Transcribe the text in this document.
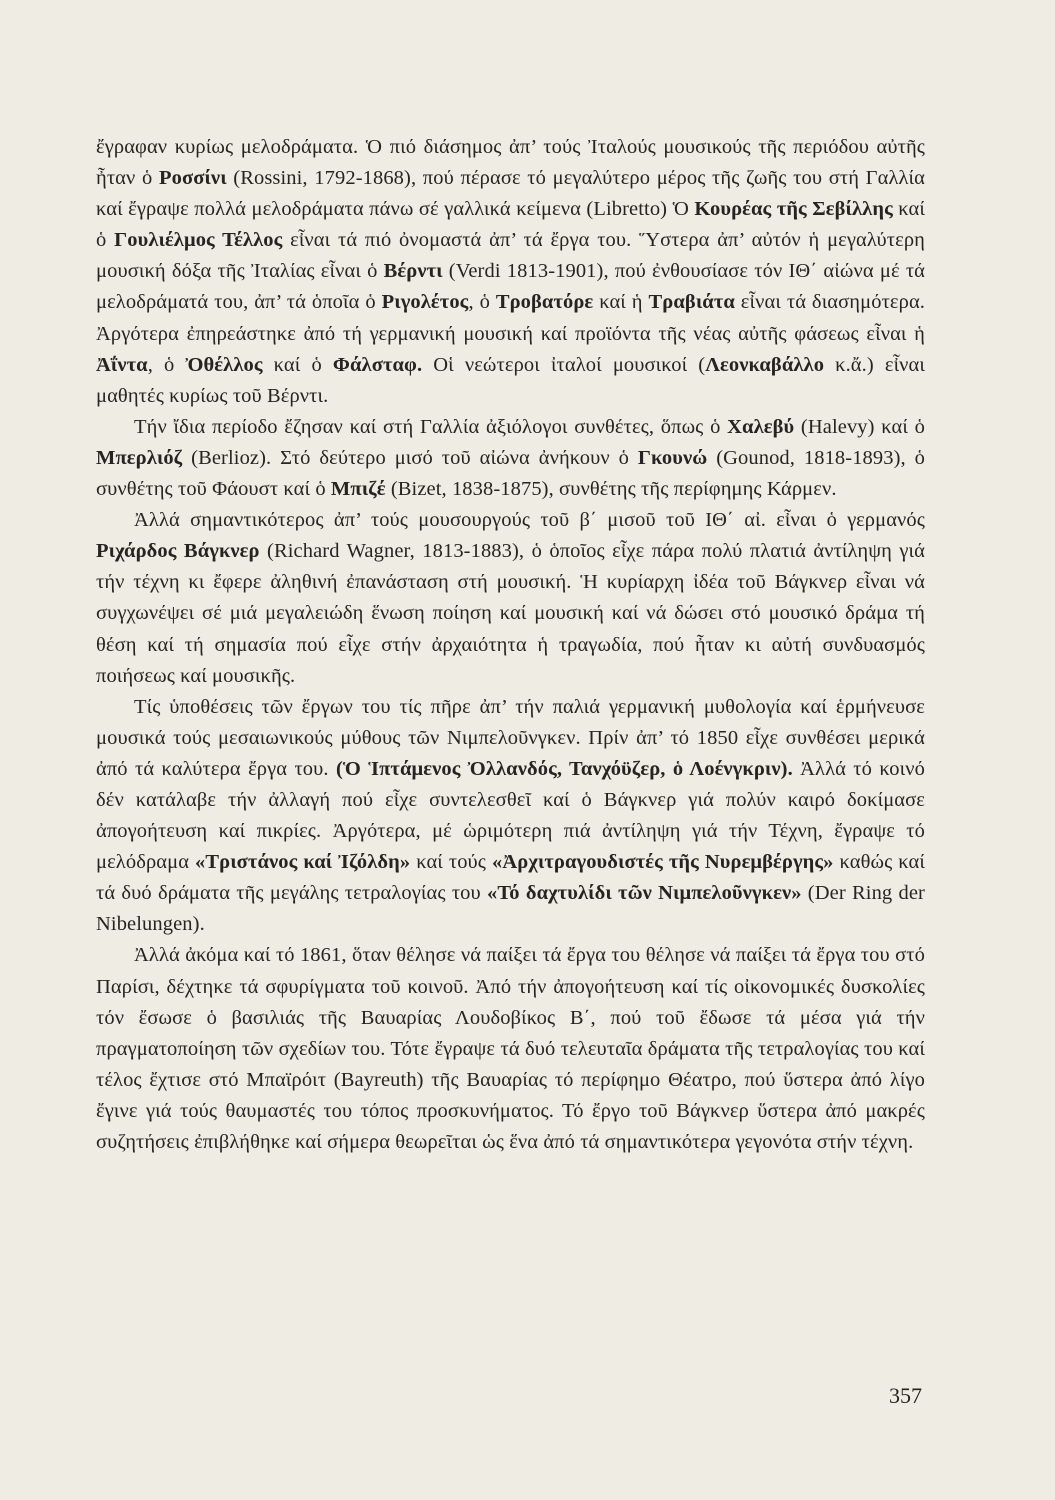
ἔγραφαν κυρίως μελοδράματα. Ὁ πιό διάσημος ἀπ’ τούς Ἰταλούς μουσικούς τῆς περιόδου αὐτῆς ἦταν ὁ Ροσσίνι (Rossini, 1792-1868), πού πέρασε τό μεγαλύτερο μέρος τῆς ζωῆς του στή Γαλλία καί ἔγραψε πολλά μελοδράματα πάνω σέ γαλλικά κείμενα (Libretto) Ὁ Κουρέας τῆς Σεβίλλης καί ὁ Γουλιέλμος Τέλλος εἶναι τά πιό ὀνομαστά ἀπ’ τά ἔργα του. Ὕστερα ἀπ’ αὐτόν ἡ μεγαλύτερη μουσική δόξα τῆς Ἰταλίας εἶναι ὁ Βέρντι (Verdi 1813-1901), πού ἐνθουσίασε τόν ΙΘ΄ αἰώνα μέ τά μελοδράματά του, ἀπ’ τά ὁποῖα ὁ Ριγολέτος, ὁ Τροβατόρε καί ἡ Τραβιάτα εἶναι τά διασημότερα. Ἀργότερα ἐπηρεάστηκε ἀπό τή γερμανική μουσική καί προϊόντα τῆς νέας αὐτῆς φάσεως εἶναι ἡ Ἀΐντα, ὁ Ὀθέλλος καί ὁ Φάλσταφ. Οἱ νεώτεροι ἰταλοί μουσικοί (Λεονκαβάλλο κ.ἄ.) εἶναι μαθητές κυρίως τοῦ Βέρντι.

Τήν ἴδια περίοδο ἔζησαν καί στή Γαλλία ἀξιόλογοι συνθέτες, ὅπως ὁ Χαλεβύ (Halevy) καί ὁ Μπερλιόζ (Berlioz). Στό δεύτερο μισό τοῦ αἰώνα ἀνήκουν ὁ Γκουνώ (Gounod, 1818-1893), ὁ συνθέτης τοῦ Φάουστ καί ὁ Μπιζέ (Bizet, 1838-1875), συνθέτης τῆς περίφημης Κάρμεν.

Ἀλλά σημαντικότερος ἀπ’ τούς μουσουργούς τοῦ β΄ μισοῦ τοῦ ΙΘ΄ αἰ. εἶναι ὁ γερμανός Ριχάρδος Βάγκνερ (Richard Wagner, 1813-1883), ὁ ὁποῖος εἶχε πάρα πολύ πλατιά ἀντίληψη γιά τήν τέχνη κι ἔφερε ἀληθινή ἐπανάσταση στή μουσική. Ἡ κυρίαρχη ἰδέα τοῦ Βάγκνερ εἶναι νά συγχωνέψει σέ μιά μεγαλειώδη ἕνωση ποίηση καί μουσική καί νά δώσει στό μουσικό δράμα τή θέση καί τή σημασία πού εἶχε στήν ἀρχαιότητα ἡ τραγωδία, πού ἦταν κι αὐτή συνδυασμός ποιήσεως καί μουσικῆς.

Τίς ὑποθέσεις τῶν ἔργων του τίς πῆρε ἀπ’ τήν παλιά γερμανική μυθολογία καί ἑρμήνευσε μουσικά τούς μεσαιωνικούς μύθους τῶν Νιμπελοῦνγκεν. Πρίν ἀπ’ τό 1850 εἶχε συνθέσει μερικά ἀπό τά καλύτερα ἔργα του. (Ὁ Ἱπτάμενος Ὀλλανδός, Τανχόϋζερ, ὁ Λοένγκριν). Ἀλλά τό κοινό δέν κατάλαβε τήν ἀλλαγή πού εἶχε συντελεσθεῖ καί ὁ Βάγκνερ γιά πολύν καιρό δοκίμασε ἀπογοήτευση καί πικρίες. Ἀργότερα, μέ ὡριμότερη πιά ἀντίληψη γιά τήν Τέχνη, ἔγραψε τό μελόδραμα «Τριστάνος καί Ἰζόλδη» καί τούς «Ἀρχιτραγουδιστές τῆς Νυρεμβέργης» καθώς καί τά δυό δράματα τῆς μεγάλης τετραλογίας του «Τό δαχτυλίδι τῶν Νιμπελοῦνγκεν» (Der Ring der Nibelungen).

Ἀλλά ἀκόμα καί τό 1861, ὅταν θέλησε νά παίξει τά ἔργα του θέλησε νά παίξει τά ἔργα του στό Παρίσι, δέχτηκε τά σφυρίγματα τοῦ κοινοῦ. Ἀπό τήν ἀπογοήτευση καί τίς οἰκονομικές δυσκολίες τόν ἔσωσε ὁ βασιλιάς τῆς Βαυαρίας Λουδοβίκος Β΄, πού τοῦ ἔδωσε τά μέσα γιά τήν πραγματοποίηση τῶν σχεδίων του. Τότε ἔγραψε τά δυό τελευταῖα δράματα τῆς τετραλογίας του καί τέλος ἔχτισε στό Μπαϊρόιτ (Bayreuth) τῆς Βαυαρίας τό περίφημο Θέατρο, πού ὕστερα ἀπό λίγο ἔγινε γιά τούς θαυμαστές του τόπος προσκυνήματος. Τό ἔργο τοῦ Βάγκνερ ὕστερα ἀπό μακρές συζητήσεις ἐπιβλήθηκε καί σήμερα θεωρεῖται ὡς ἕνα ἀπό τά σημαντικότερα γεγονότα στήν τέχνη.

357
